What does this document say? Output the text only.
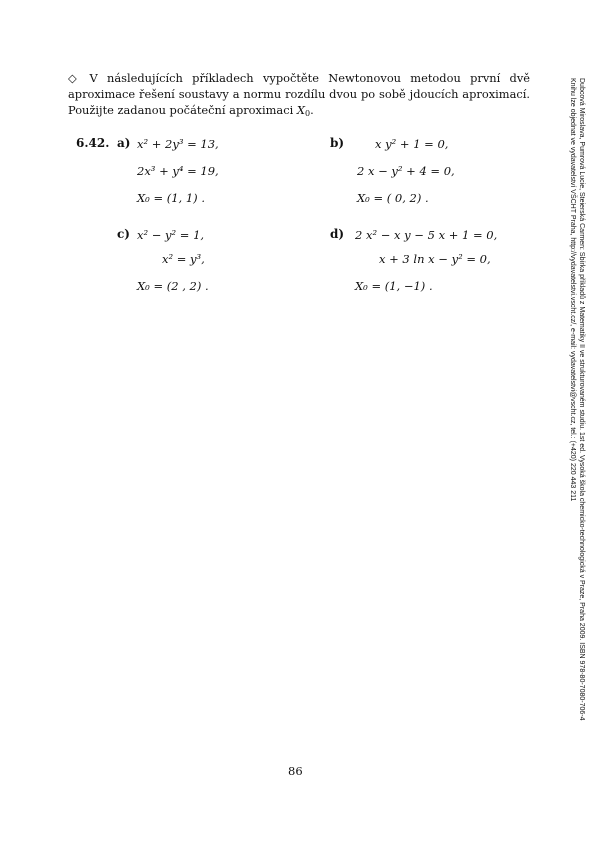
◇ V následujících příkladech vypočtěte Newtonovou metodou první dvě aproximace řešení soustavy a normu rozdílu dvou po sobě jdoucích aproximací. Použijte zadanou počáteční aproximaci $X_0$.
6.42. a) x² + 2y³ = 13,
2x³ + y⁴ = 19,
X₀ = (1, 1) .
b)	x y² + 1 = 0,
2 x − y² + 4 = 0,
X₀ = ( 0, 2) .
c) x² − y² = 1,
x² = y³,
X₀ = (2 , 2) .
d) 2 x² − x y − 5 x + 1 = 0,
x + 3 ln x − y² = 0,
X₀ = (1, −1) .
86
Dubcová Miroslava, Pumrová Lucie, Steierská Carmen: Sbírka příkladů z Matematiky II ve strukturovaném studiu. 1st ed. Vysoká škola chemicko-technologická v Praze, Praha 2009. ISBN 978-80-7080-706-4
Knihu lze objednat ve vydavatelství VŠCHT Praha, http://vydavatelstvi.vscht.cz/, e-mail: vydavatelstvi@vscht.cz, tel.: (+420) 220 443 211
